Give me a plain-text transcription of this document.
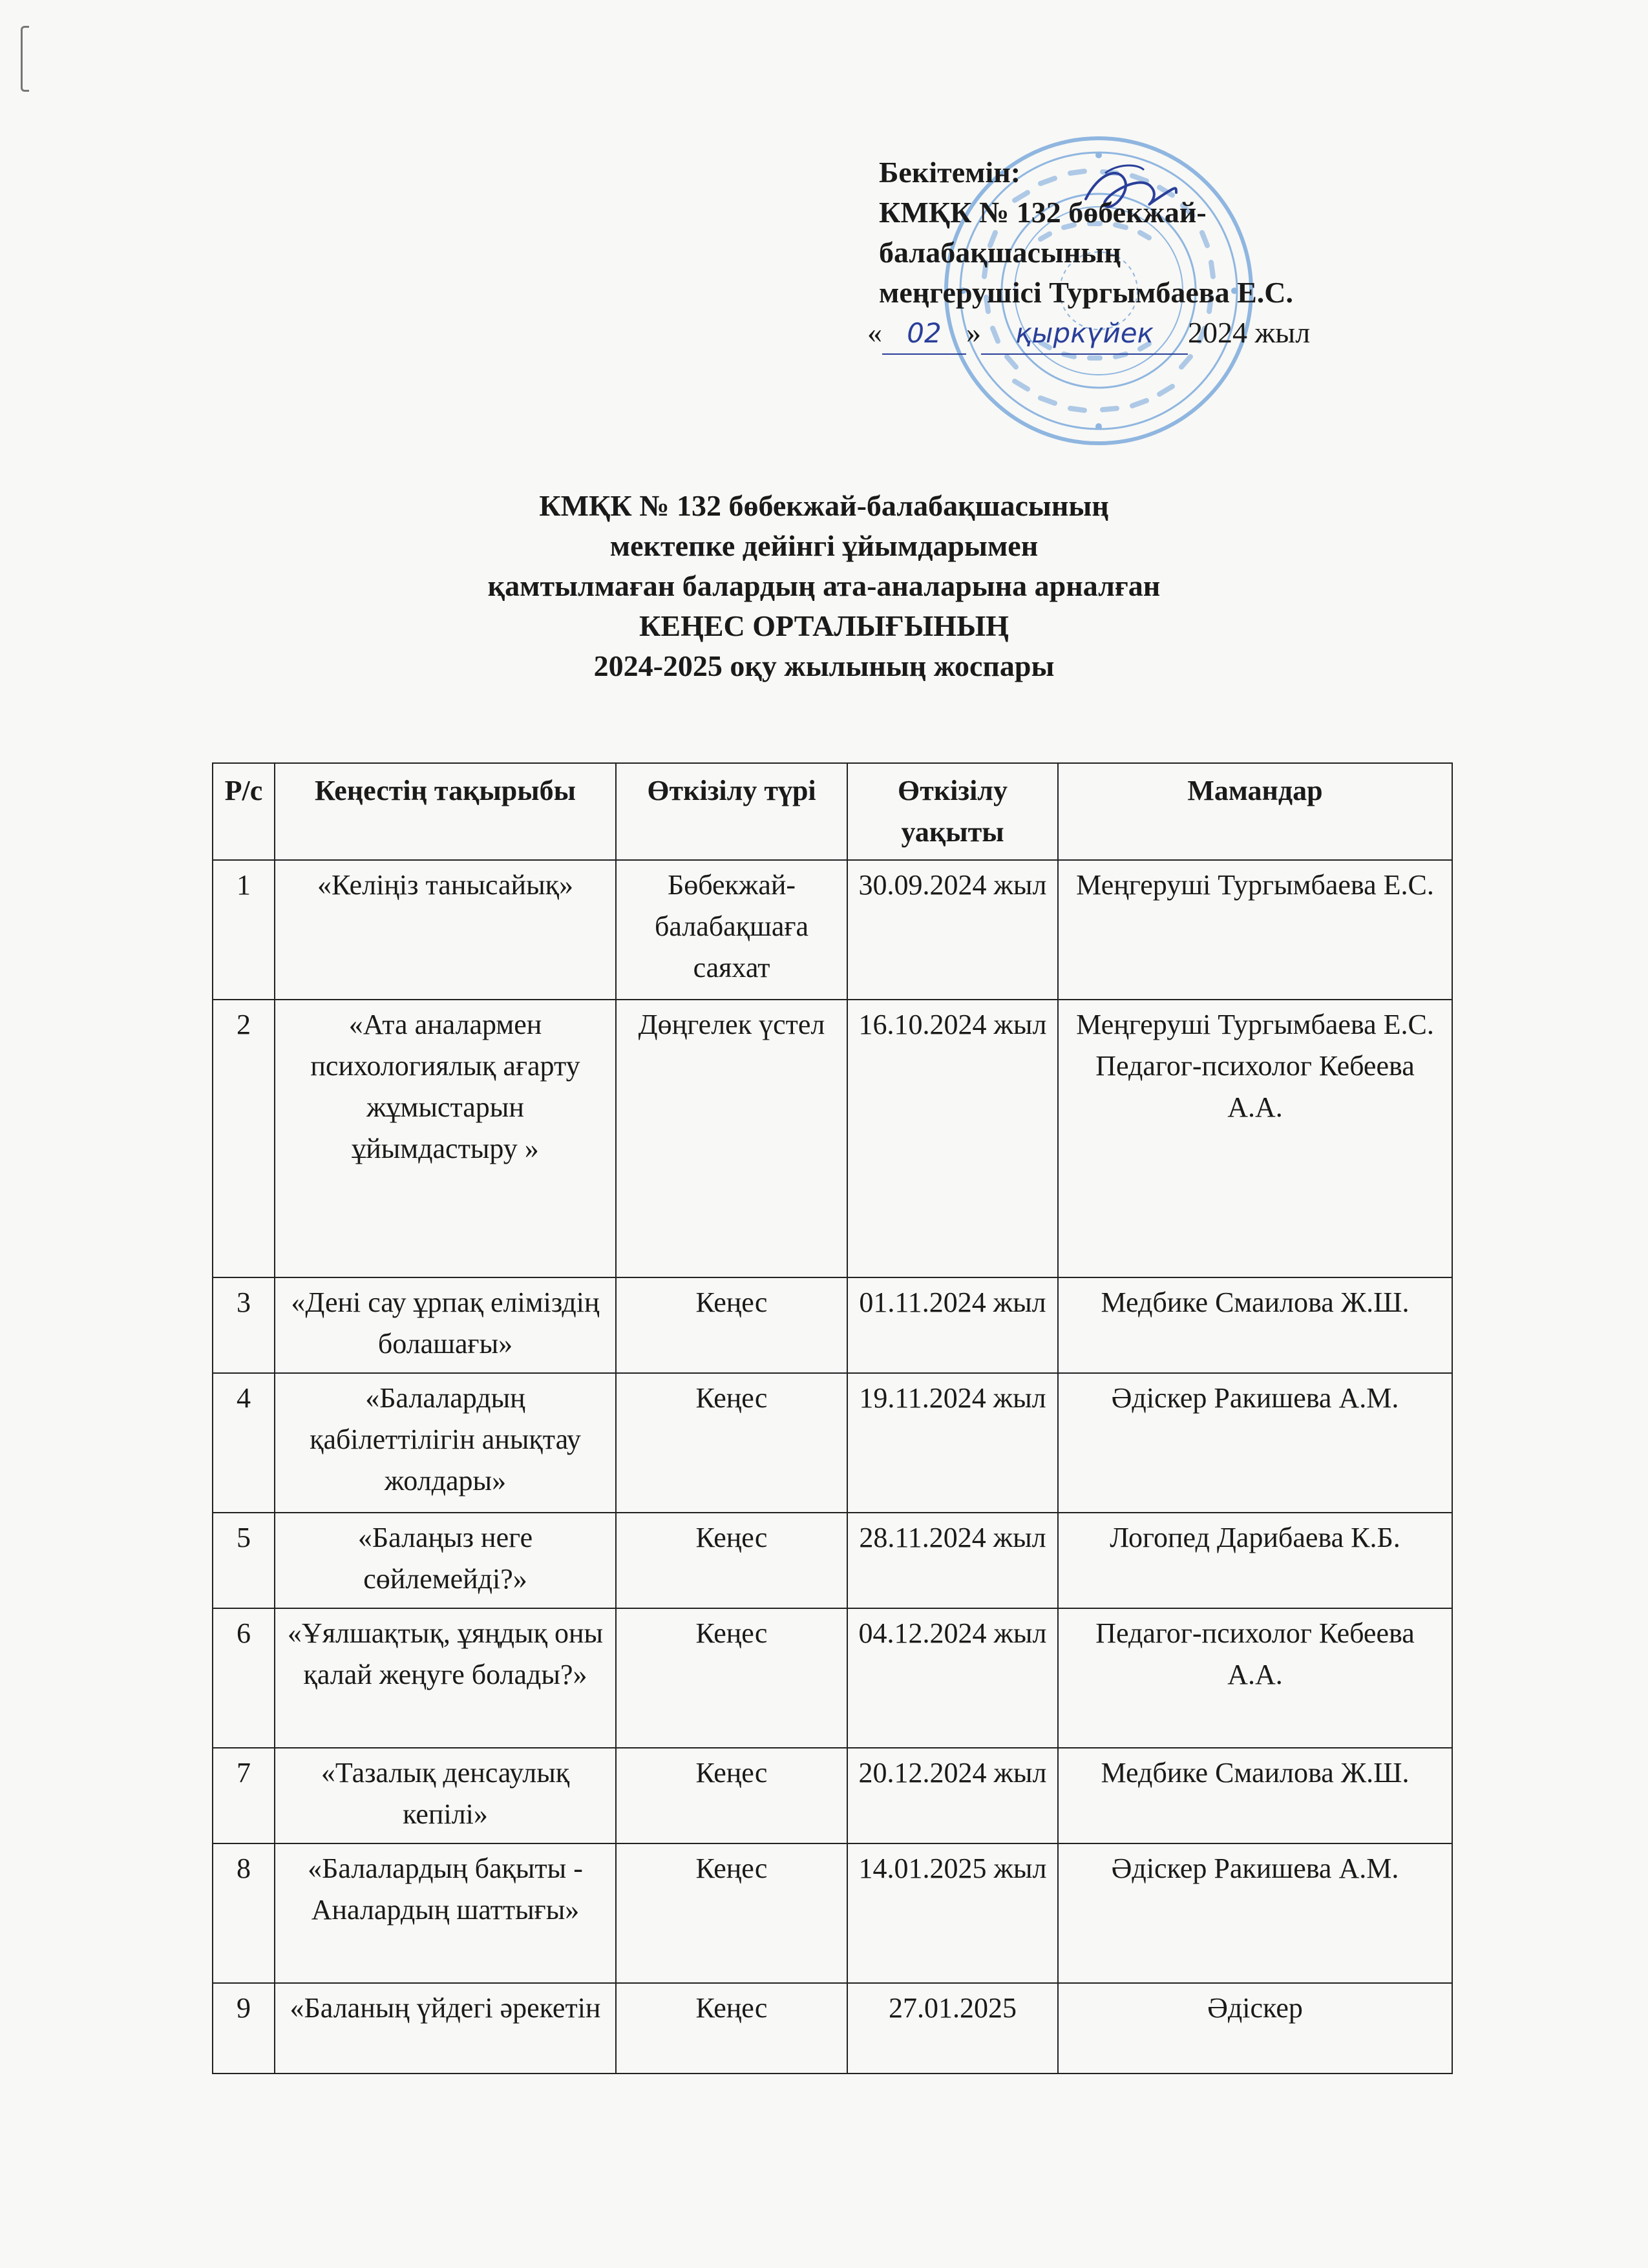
Бекітемін:
КМҚК № 132 бөбекжай-
балабақшасының
меңгерушісі Тургымбаева Е.С.
« 02 »	қыркүйек	2024 жыл
КМҚК № 132 бөбекжай-балабақшасының
мектепке дейінгі ұйымдарымен
қамтылмаған балардың ата-аналарына арналған
КЕҢЕС ОРТАЛЫҒЫНЫҢ
2024-2025 оқу жылының жоспары
Р/с	Кеңестің тақырыбы	Өткізілу түрі	Өткізілу уақыты	Мамандар
1	«Келіңіз танысайық»	Бөбекжай-балабақшаға саяхат	30.09.2024 жыл	Меңгеруші Тургымбаева Е.С.

2	«Ата аналармен психологиялық ағарту жұмыстарын ұйымдастыру »	Дөңгелек үстел	16.10.2024 жыл	Меңгеруші Тургымбаева Е.С.
Педагог-психолог Кебеева А.А.

3	«Дені сау ұрпақ еліміздің болашағы»	Кеңес	01.11.2024 жыл	Медбике Смаилова Ж.Ш.

4	«Балалардың қабілеттілігін анықтау жолдары»	Кеңес	19.11.2024 жыл	Әдіскер Ракишева А.М.

5	«Балаңыз неге сөйлемейді?»	Кеңес	28.11.2024 жыл	Логопед Дарибаева К.Б.

6	«Ұялшақтық, ұяңдық оны қалай жеңуге болады?»	Кеңес	04.12.2024 жыл	Педагог-психолог Кебеева А.А.

7	«Тазалық денсаулық кепілі»	Кеңес	20.12.2024 жыл	Медбике Смаилова Ж.Ш.

8	«Балалардың бақыты - Аналардың шаттығы»	Кеңес	14.01.2025 жыл	Әдіскер Ракишева А.М.

9	«Баланың үйдегі әрекетін	Кеңес	27.01.2025	Әдіскер
